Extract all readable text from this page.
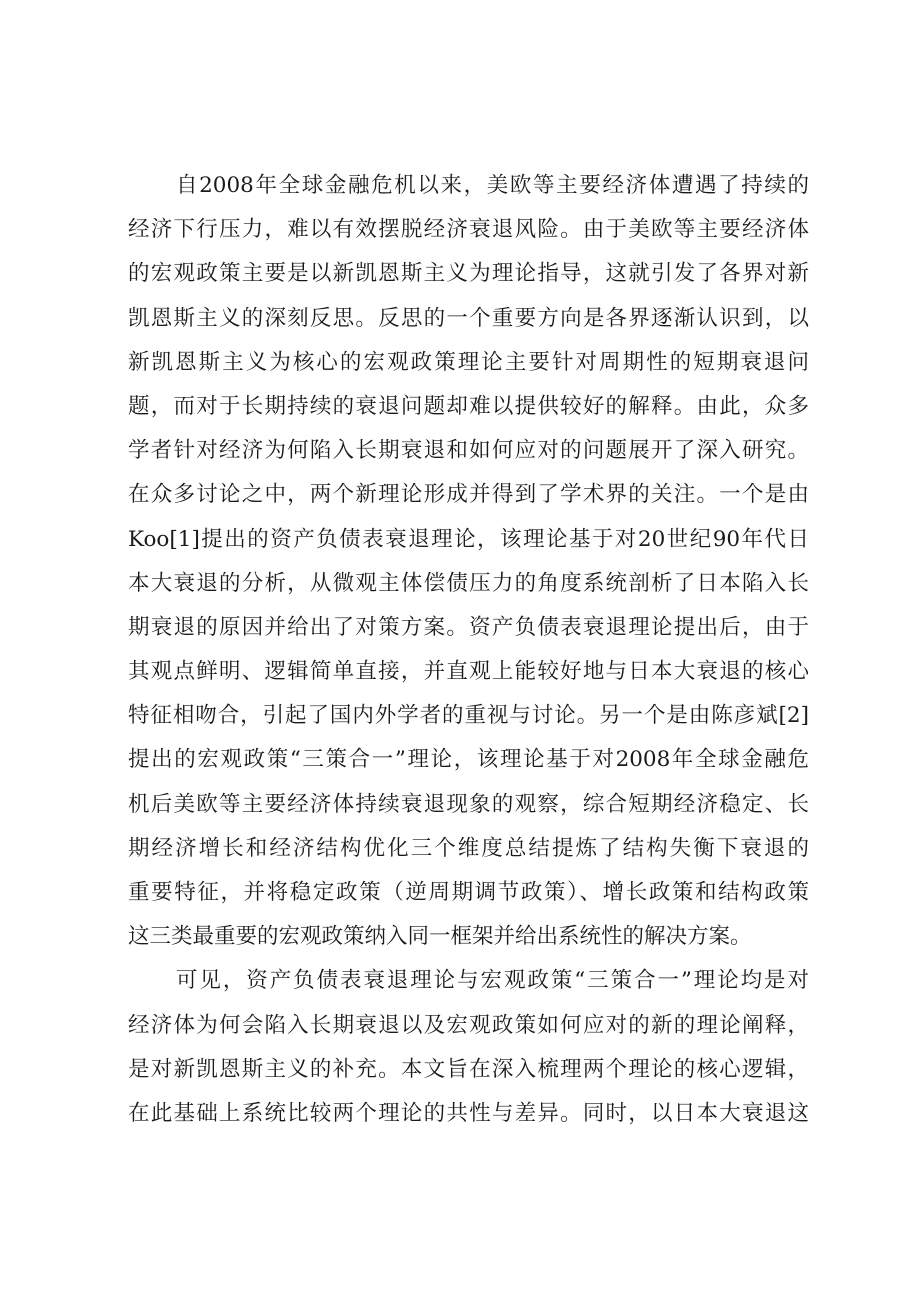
自2008年全球金融危机以来，美欧等主要经济体遭遇了持续的
经济下行压力，难以有效摆脱经济衰退风险。由于美欧等主要经济体
的宏观政策主要是以新凯恩斯主义为理论指导，这就引发了各界对新
凯恩斯主义的深刻反思。反思的一个重要方向是各界逐渐认识到，以
新凯恩斯主义为核心的宏观政策理论主要针对周期性的短期衰退问
题，而对于长期持续的衰退问题却难以提供较好的解释。由此，众多
学者针对经济为何陷入长期衰退和如何应对的问题展开了深入研究。
在众多讨论之中，两个新理论形成并得到了学术界的关注。一个是由
Koo[1]提出的资产负债表衰退理论，该理论基于对20世纪90年代日
本大衰退的分析，从微观主体偿债压力的角度系统剖析了日本陷入长
期衰退的原因并给出了对策方案。资产负债表衰退理论提出后，由于
其观点鲜明、逻辑简单直接，并直观上能较好地与日本大衰退的核心
特征相吻合，引起了国内外学者的重视与讨论。另一个是由陈彦斌[2]
提出的宏观政策“三策合一”理论，该理论基于对2008年全球金融危
机后美欧等主要经济体持续衰退现象的观察，综合短期经济稳定、长
期经济增长和经济结构优化三个维度总结提炼了结构失衡下衰退的
重要特征，并将稳定政策（逆周期调节政策）、增长政策和结构政策
这三类最重要的宏观政策纳入同一框架并给出系统性的解决方案。
可见，资产负债表衰退理论与宏观政策“三策合一”理论均是对
经济体为何会陷入长期衰退以及宏观政策如何应对的新的理论阐释，
是对新凯恩斯主义的补充。本文旨在深入梳理两个理论的核心逻辑，
在此基础上系统比较两个理论的共性与差异。同时，以日本大衰退这
